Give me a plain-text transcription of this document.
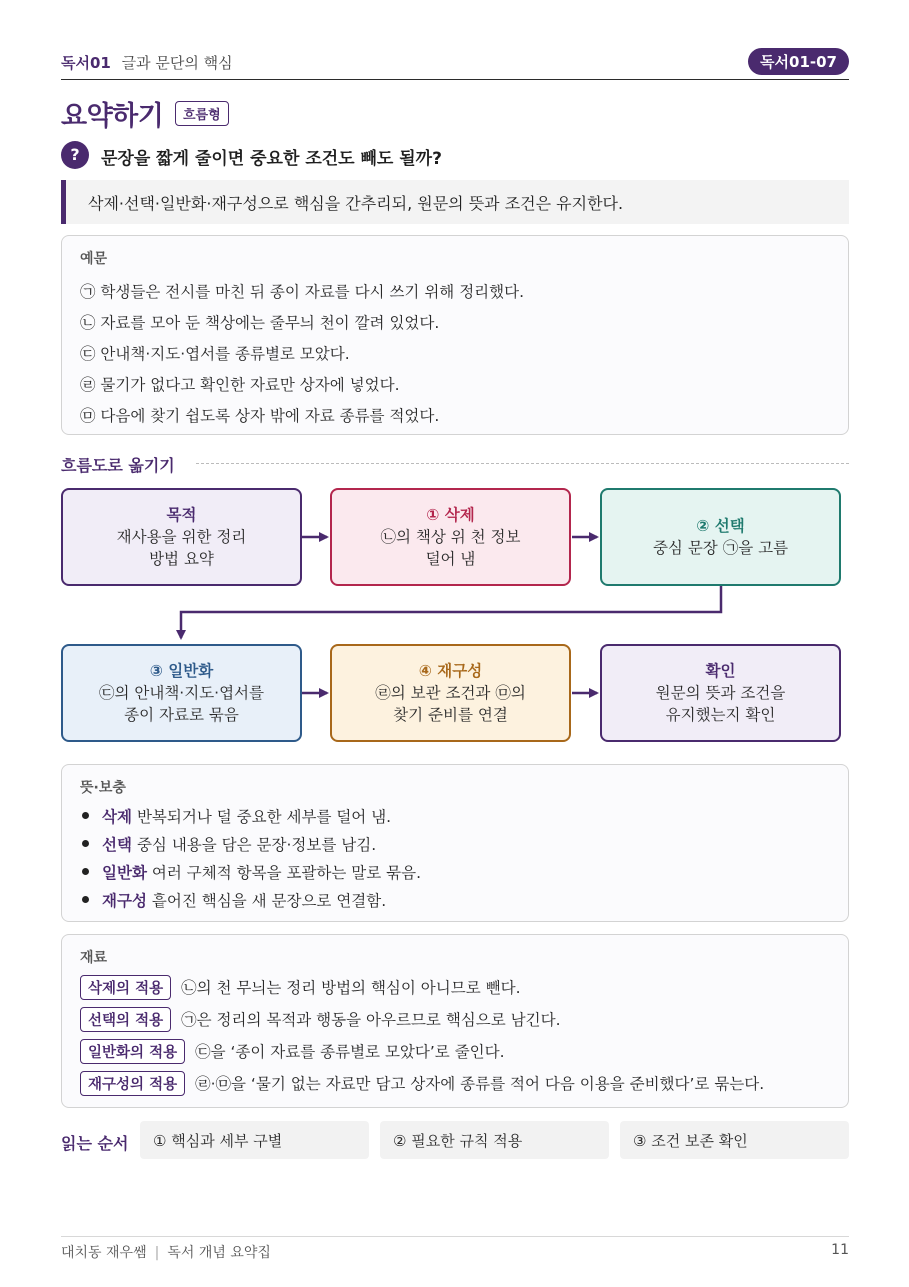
독서01 글과 문단의 핵심	독서01-07
요약하기	흐름형
?	문장을 짧게 줄이면 중요한 조건도 빼도 될까?
삭제·선택·일반화·재구성으로 핵심을 간추리되, 원문의 뜻과 조건은 유지한다.
예문
㉠ 학생들은 전시를 마친 뒤 종이 자료를 다시 쓰기 위해 정리했다.
㉡ 자료를 모아 둔 책상에는 줄무늬 천이 깔려 있었다.
㉢ 안내책·지도·엽서를 종류별로 모았다.
㉣ 물기가 없다고 확인한 자료만 상자에 넣었다.
㉤ 다음에 찾기 쉽도록 상자 밖에 자료 종류를 적었다.
흐름도로 옮기기
목적
재사용을 위한 정리
방법 요약
① 삭제
㉡의 책상 위 천 정보
덜어 냄
② 선택
중심 문장 ㉠을 고름
③ 일반화
㉢의 안내책·지도·엽서를
종이 자료로 묶음
④ 재구성
㉣의 보관 조건과 ㉤의
찾기 준비를 연결
확인
원문의 뜻과 조건을
유지했는지 확인
뜻·보충
삭제 반복되거나 덜 중요한 세부를 덜어 냄.
선택 중심 내용을 담은 문장·정보를 남김.
일반화 여러 구체적 항목을 포괄하는 말로 묶음.
재구성 흩어진 핵심을 새 문장으로 연결함.
재료
삭제의 적용	㉡의 천 무늬는 정리 방법의 핵심이 아니므로 뺀다.
선택의 적용	㉠은 정리의 목적과 행동을 아우르므로 핵심으로 남긴다.
일반화의 적용	㉢을 ‘종이 자료를 종류별로 모았다’로 줄인다.
재구성의 적용	㉣·㉤을 ‘물기 없는 자료만 담고 상자에 종류를 적어 다음 이용을 준비했다’로 묶는다.
읽는 순서	① 핵심과 세부 구별	② 필요한 규칙 적용	③ 조건 보존 확인
대치동 재우쌤 | 독서 개념 요약집	11
